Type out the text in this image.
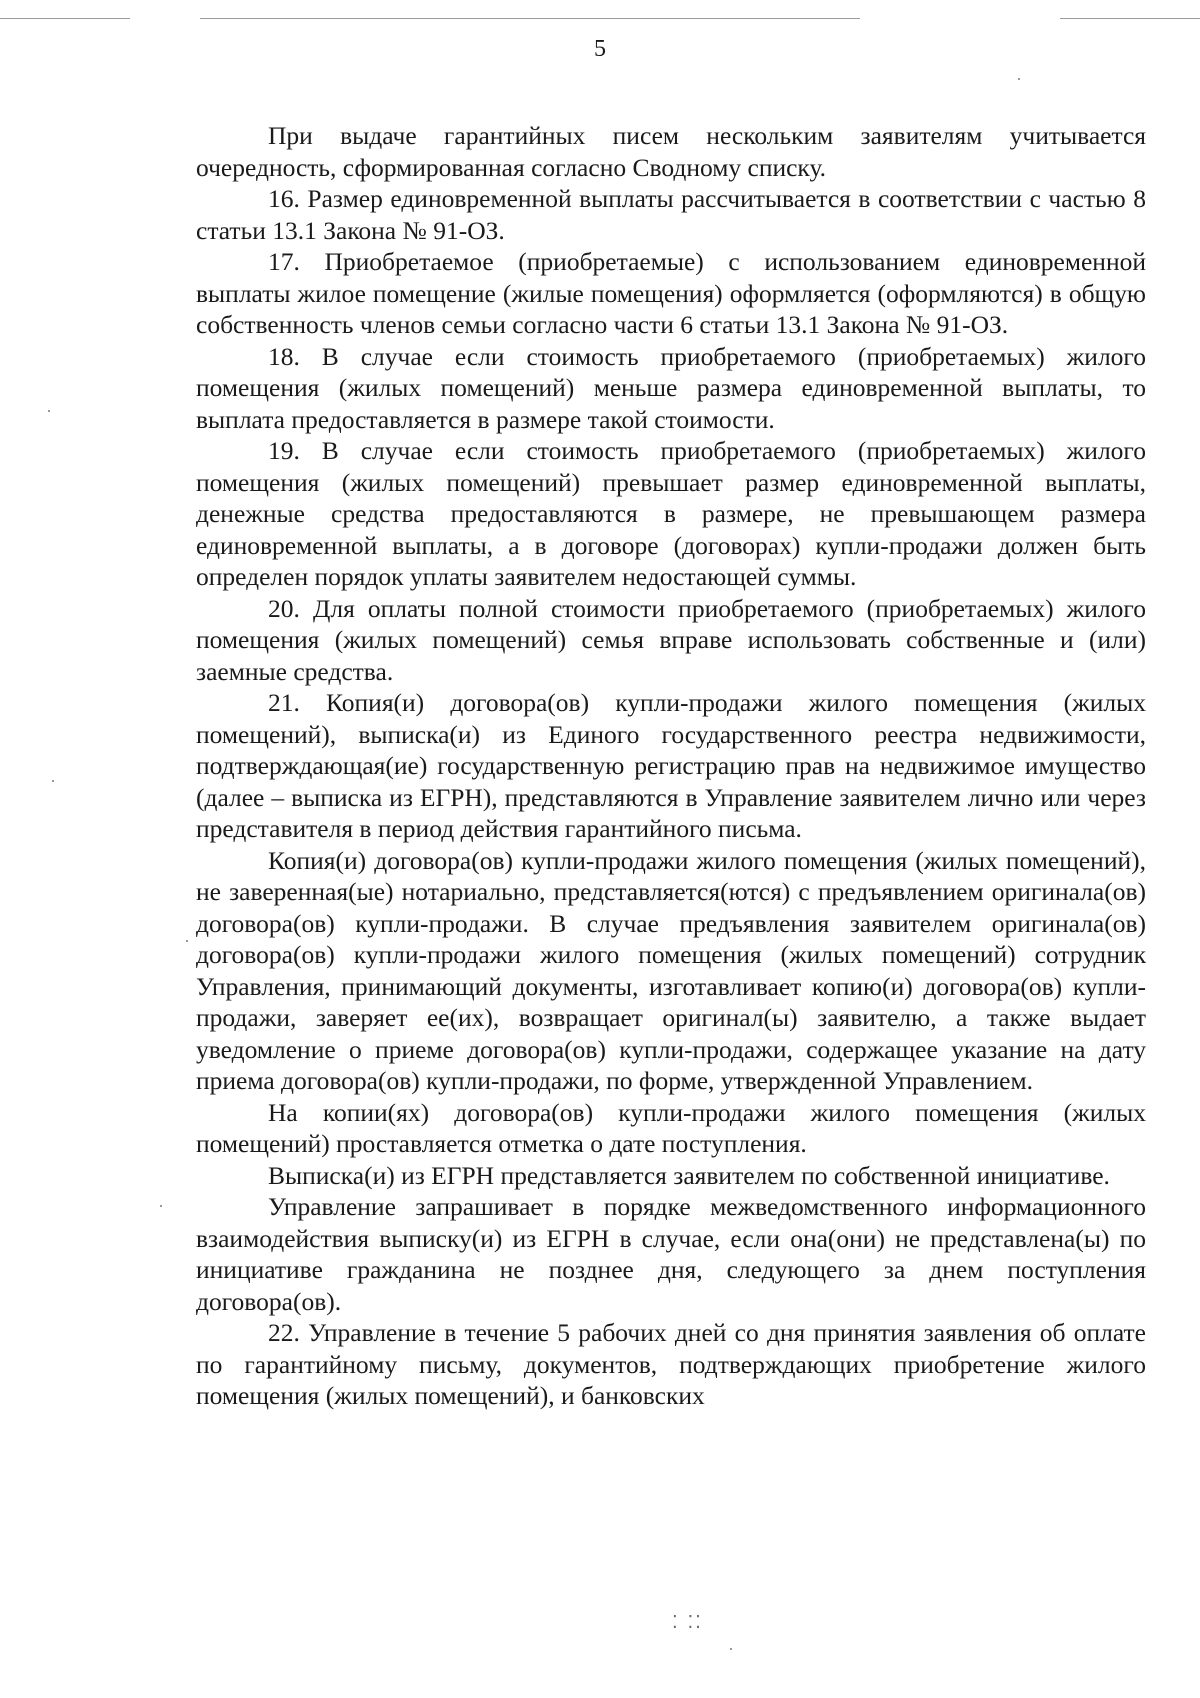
5

При выдаче гарантийных писем нескольким заявителям учитывается очередность, сформированная согласно Сводному списку.

16. Размер единовременной выплаты рассчитывается в соответствии с частью 8 статьи 13.1 Закона № 91-ОЗ.

17. Приобретаемое (приобретаемые) с использованием единовременной выплаты жилое помещение (жилые помещения) оформляется (оформляются) в общую собственность членов семьи согласно части 6 статьи 13.1 Закона № 91-ОЗ.

18. В случае если стоимость приобретаемого (приобретаемых) жилого помещения (жилых помещений) меньше размера единовременной выплаты, то выплата предоставляется в размере такой стоимости.

19. В случае если стоимость приобретаемого (приобретаемых) жилого помещения (жилых помещений) превышает размер единовременной выплаты, денежные средства предоставляются в размере, не превышающем размера единовременной выплаты, а в договоре (договорах) купли-продажи должен быть определен порядок уплаты заявителем недостающей суммы.

20. Для оплаты полной стоимости приобретаемого (приобретаемых) жилого помещения (жилых помещений) семья вправе использовать собственные и (или) заемные средства.

21. Копия(и) договора(ов) купли-продажи жилого помещения (жилых помещений), выписка(и) из Единого государственного реестра недвижимости, подтверждающая(ие) государственную регистрацию прав на недвижимое имущество (далее – выписка из ЕГРН), представляются в Управление заявителем лично или через представителя в период действия гарантийного письма.

Копия(и) договора(ов) купли-продажи жилого помещения (жилых помещений), не заверенная(ые) нотариально, представляется(ются) с предъявлением оригинала(ов) договора(ов) купли-продажи. В случае предъявления заявителем оригинала(ов) договора(ов) купли-продажи жилого помещения (жилых помещений) сотрудник Управления, принимающий документы, изготавливает копию(и) договора(ов) купли-продажи, заверяет ее(их), возвращает оригинал(ы) заявителю, а также выдает уведомление о приеме договора(ов) купли-продажи, содержащее указание на дату приема договора(ов) купли-продажи, по форме, утвержденной Управлением.

На копии(ях) договора(ов) купли-продажи жилого помещения (жилых помещений) проставляется отметка о дате поступления.

Выписка(и) из ЕГРН представляется заявителем по собственной инициативе.

Управление запрашивает в порядке межведомственного информационного взаимодействия выписку(и) из ЕГРН в случае, если она(они) не представлена(ы) по инициативе гражданина не позднее дня, следующего за днем поступления договора(ов).

22. Управление в течение 5 рабочих дней со дня принятия заявления об оплате по гарантийному письму, документов, подтверждающих приобретение жилого помещения (жилых помещений), и банковских

⁚ ⁚⁚
